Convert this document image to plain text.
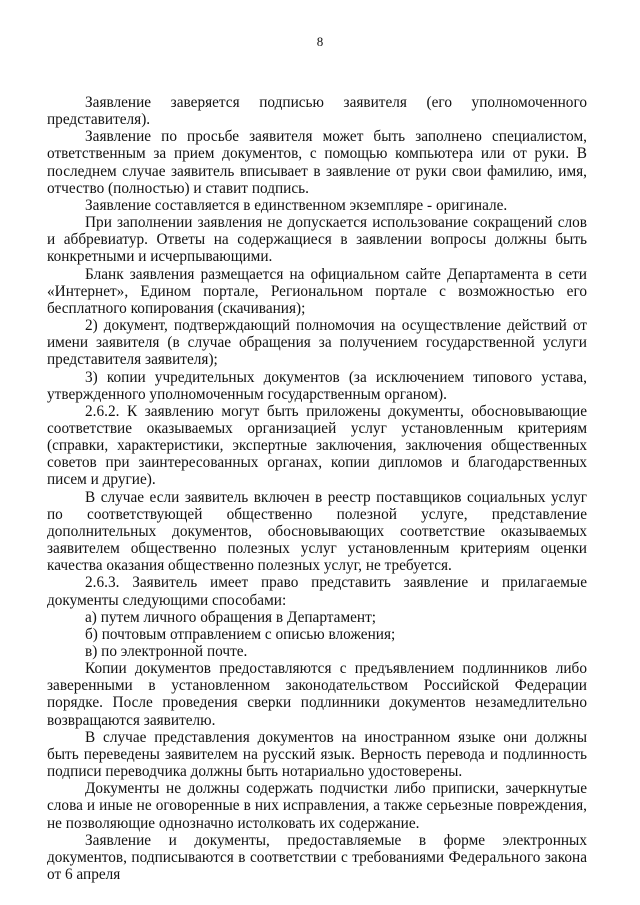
8

Заявление заверяется подписью заявителя (его уполномоченного представителя).

Заявление по просьбе заявителя может быть заполнено специалистом, ответственным за прием документов, с помощью компьютера или от руки. В последнем случае заявитель вписывает в заявление от руки свои фамилию, имя, отчество (полностью) и ставит подпись.

Заявление составляется в единственном экземпляре - оригинале.

При заполнении заявления не допускается использование сокращений слов и аббревиатур. Ответы на содержащиеся в заявлении вопросы должны быть конкретными и исчерпывающими.

Бланк заявления размещается на официальном сайте Департамента в сети «Интернет», Едином портале, Региональном портале с возможностью его бесплатного копирования (скачивания);

2) документ, подтверждающий полномочия на осуществление действий от имени заявителя (в случае обращения за получением государственной услуги представителя заявителя);

3) копии учредительных документов (за исключением типового устава, утвержденного уполномоченным государственным органом).

2.6.2. К заявлению могут быть приложены документы, обосновывающие соответствие оказываемых организацией услуг установленным критериям (справки, характеристики, экспертные заключения, заключения общественных советов при заинтересованных органах, копии дипломов и благодарственных писем и другие).

В случае если заявитель включен в реестр поставщиков социальных услуг по соответствующей общественно полезной услуге, представление дополнительных документов, обосновывающих соответствие оказываемых заявителем общественно полезных услуг установленным критериям оценки качества оказания общественно полезных услуг, не требуется.

2.6.3. Заявитель имеет право представить заявление и прилагаемые документы следующими способами:

а) путем личного обращения в Департамент;

б) почтовым отправлением с описью вложения;

в) по электронной почте.

Копии документов предоставляются с предъявлением подлинников либо заверенными в установленном законодательством Российской Федерации порядке. После проведения сверки подлинники документов незамедлительно возвращаются заявителю.

В случае представления документов на иностранном языке они должны быть переведены заявителем на русский язык. Верность перевода и подлинность подписи переводчика должны быть нотариально удостоверены.

Документы не должны содержать подчистки либо приписки, зачеркнутые слова и иные не оговоренные в них исправления, а также серьезные повреждения, не позволяющие однозначно истолковать их содержание.

Заявление и документы, предоставляемые в форме электронных документов, подписываются в соответствии с требованиями Федерального закона от 6 апреля
